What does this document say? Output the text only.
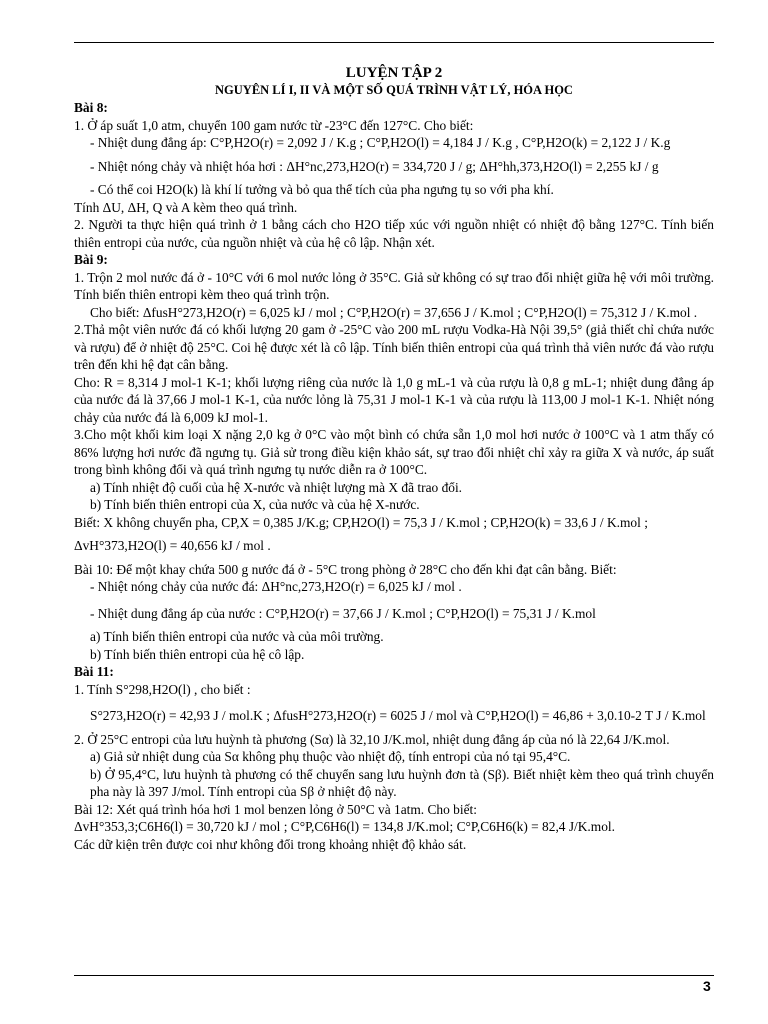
LUYỆN TẬP 2
NGUYÊN LÍ I, II VÀ MỘT SỐ QUÁ TRÌNH VẬT LÝ, HÓA HỌC
Bài 8:
1. Ở áp suất 1,0 atm, chuyển 100 gam nước từ -23°C đến 127°C. Cho biết:
- Nhiệt dung đẳng áp: C°P,H2O(r) = 2,092 J / K.g ; C°P,H2O(l) = 4,184 J / K.g , C°P,H2O(k) = 2,122 J / K.g
- Nhiệt nóng chảy và nhiệt hóa hơi : ΔH°nc,273,H2O(r) = 334,720 J / g; ΔH°hh,373,H2O(l) = 2,255 kJ / g
- Có thể coi H2O(k) là khí lí tưởng và bỏ qua thể tích của pha ngưng tụ so với pha khí.
Tính ΔU, ΔH, Q và A kèm theo quá trình.
2. Người ta thực hiện quá trình ở 1 bằng cách cho H2O tiếp xúc với nguồn nhiệt có nhiệt độ bằng 127°C. Tính biến thiên entropi của nước, của nguồn nhiệt và của hệ cô lập. Nhận xét.
Bài 9:
1. Trộn 2 mol nước đá ở - 10°C với 6 mol nước lỏng ở 35°C. Giả sử không có sự trao đổi nhiệt giữa hệ với môi trường. Tính biến thiên entropi kèm theo quá trình trộn.
Cho biết: ΔfusH°273,H2O(r) = 6,025 kJ / mol ; C°P,H2O(r) = 37,656 J / K.mol ; C°P,H2O(l) = 75,312 J / K.mol .
2.Thả một viên nước đá có khối lượng 20 gam ở -25°C vào 200 mL rượu Vodka-Hà Nội 39,5° (giả thiết chỉ chứa nước và rượu) để ở nhiệt độ 25°C. Coi hệ được xét là cô lập. Tính biến thiên entropi của quá trình thả viên nước đá vào rượu trên đến khi hệ đạt cân bằng.
Cho: R = 8,314 J mol-1 K-1; khối lượng riêng của nước là 1,0 g mL-1 và của rượu là 0,8 g mL-1; nhiệt dung đẳng áp của nước đá là 37,66 J mol-1 K-1, của nước lỏng là 75,31 J mol-1 K-1 và của rượu là 113,00 J mol-1 K-1. Nhiệt nóng chảy của nước đá là 6,009 kJ mol-1.
3.Cho một khối kim loại X nặng 2,0 kg ở 0°C vào một bình có chứa sẵn 1,0 mol hơi nước ở 100°C và 1 atm thấy có 86% lượng hơi nước đã ngưng tụ. Giả sử trong điều kiện khảo sát, sự trao đổi nhiệt chỉ xảy ra giữa X và nước, áp suất trong bình không đổi và quá trình ngưng tụ nước diễn ra ở 100°C.
a) Tính nhiệt độ cuối của hệ X-nước và nhiệt lượng mà X đã trao đổi.
b) Tính biến thiên entropi của X, của nước và của hệ X-nước.
Biết: X không chuyển pha, CP,X = 0,385 J/K.g; CP,H2O(l) = 75,3 J / K.mol ; CP,H2O(k) = 33,6 J / K.mol ;
ΔvH°373,H2O(l) = 40,656 kJ / mol .
Bài 10: Để một khay chứa 500 g nước đá ở - 5°C trong phòng ở 28°C cho đến khi đạt cân bằng. Biết:
- Nhiệt nóng chảy của nước đá: ΔH°nc,273,H2O(r) = 6,025 kJ / mol .
- Nhiệt dung đẳng áp của nước : C°P,H2O(r) = 37,66 J / K.mol ; C°P,H2O(l) = 75,31 J / K.mol
a) Tính biến thiên entropi của nước và của môi trường.
b) Tính biến thiên entropi của hệ cô lập.
Bài 11:
1. Tính S°298,H2O(l) , cho biết :
S°273,H2O(r) = 42,93 J / mol.K ; ΔfusH°273,H2O(r) = 6025 J / mol và C°P,H2O(l) = 46,86 + 3,0.10-2 T J / K.mol
2. Ở 25°C entropi của lưu huỳnh tà phương (Sα) là 32,10 J/K.mol, nhiệt dung đẳng áp của nó là 22,64 J/K.mol.
a) Giả sử nhiệt dung của Sα không phụ thuộc vào nhiệt độ, tính entropi của nó tại 95,4°C.
b) Ở 95,4°C, lưu huỳnh tà phương có thể chuyển sang lưu huỳnh đơn tà (Sβ). Biết nhiệt kèm theo quá trình chuyển pha này là 397 J/mol. Tính entropi của Sβ ở nhiệt độ này.
Bài 12: Xét quá trình hóa hơi 1 mol benzen lỏng ở 50°C và 1atm. Cho biết:
ΔvH°353,3;C6H6(l) = 30,720 kJ / mol ; C°P,C6H6(l) = 134,8 J/K.mol; C°P,C6H6(k) = 82,4 J/K.mol.
Các dữ kiện trên được coi như không đổi trong khoảng nhiệt độ khảo sát.
3
